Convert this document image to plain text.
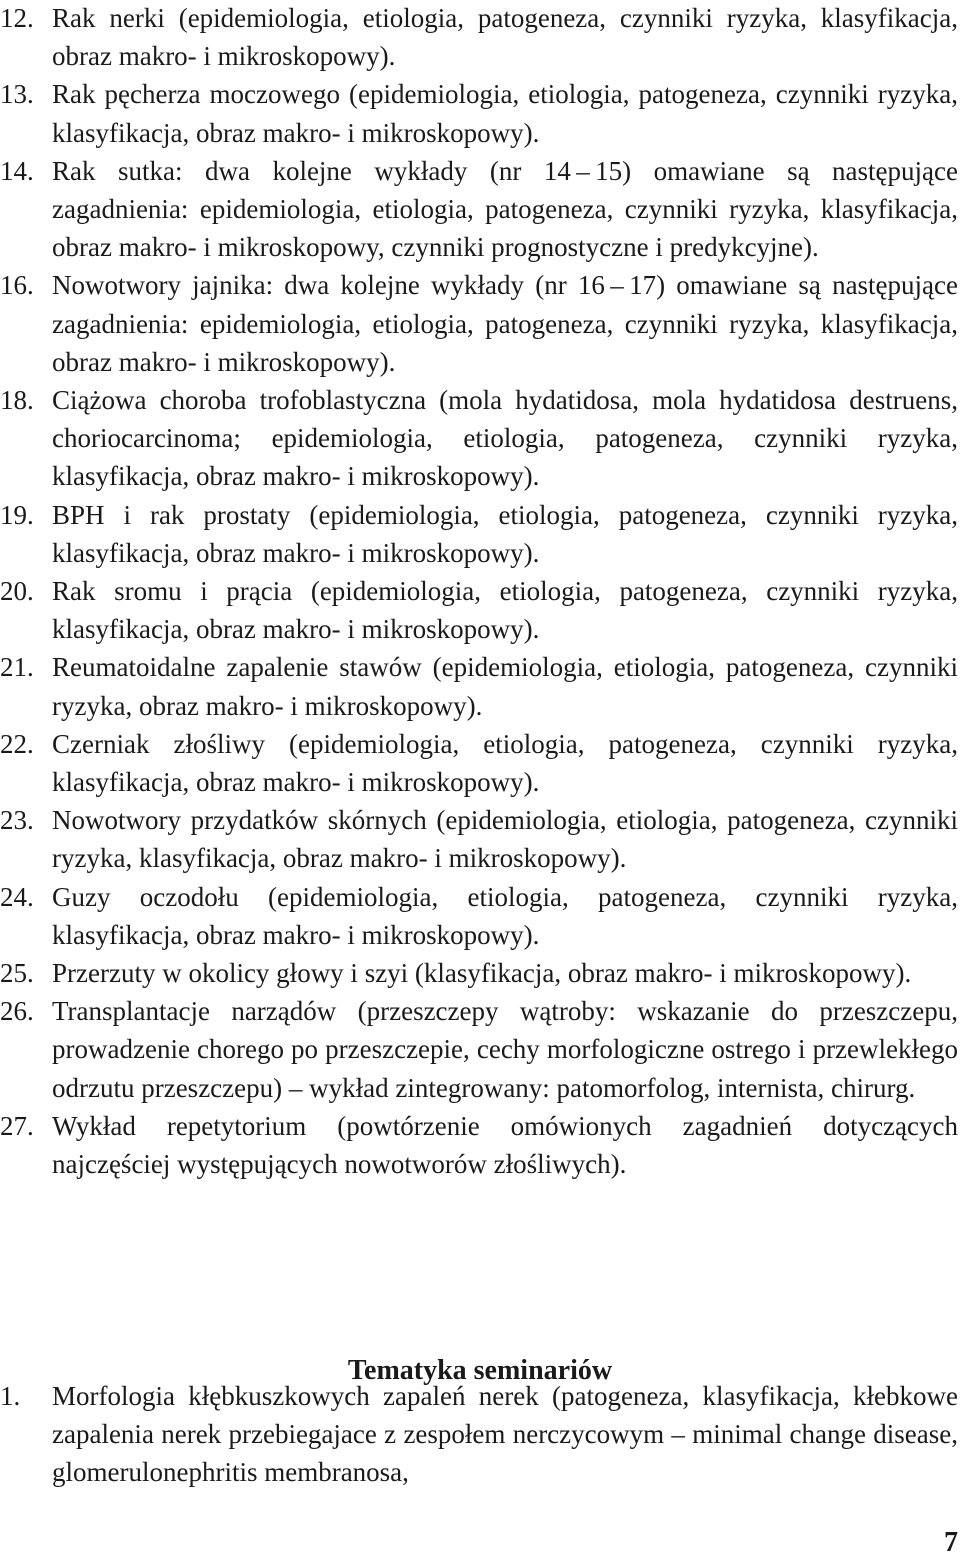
12. Rak nerki (epidemiologia, etiologia, patogeneza, czynniki ryzyka, klasyfikacja, obraz makro- i mikroskopowy).
13. Rak pęcherza moczowego (epidemiologia, etiologia, patogeneza, czynniki ryzyka, klasyfikacja, obraz makro- i mikroskopowy).
14. Rak sutka: dwa kolejne wykłady (nr 14 – 15) omawiane są następujące zagadnienia: epidemiologia, etiologia, patogeneza, czynniki ryzyka, klasyfikacja, obraz makro- i mikroskopowy, czynniki prognostyczne i predykcyjne).
16. Nowotwory jajnika: dwa kolejne wykłady (nr 16 – 17) omawiane są następujące zagadnienia: epidemiologia, etiologia, patogeneza, czynniki ryzyka, klasyfikacja, obraz makro- i mikroskopowy).
18. Ciążowa choroba trofoblastyczna (mola hydatidosa, mola hydatidosa destruens, choriocarcinoma; epidemiologia, etiologia, patogeneza, czynniki ryzyka, klasyfikacja, obraz makro- i mikroskopowy).
19. BPH i rak prostaty (epidemiologia, etiologia, patogeneza, czynniki ryzyka, klasyfikacja, obraz makro- i mikroskopowy).
20. Rak sromu i prącia (epidemiologia, etiologia, patogeneza, czynniki ryzyka, klasyfikacja, obraz makro- i mikroskopowy).
21. Reumatoidalne zapalenie stawów (epidemiologia, etiologia, patogeneza, czynniki ryzyka, obraz makro- i mikroskopowy).
22. Czerniak złośliwy (epidemiologia, etiologia, patogeneza, czynniki ryzyka, klasyfikacja, obraz makro- i mikroskopowy).
23. Nowotwory przydatków skórnych (epidemiologia, etiologia, patogeneza, czynniki ryzyka, klasyfikacja, obraz makro- i mikroskopowy).
24. Guzy oczodołu (epidemiologia, etiologia, patogeneza, czynniki ryzyka, klasyfikacja, obraz makro- i mikroskopowy).
25. Przerzuty w okolicy głowy i szyi (klasyfikacja, obraz makro- i mikroskopowy).
26. Transplantacje narządów (przeszczepy wątroby: wskazanie do przeszczepu, prowadzenie chorego po przeszczepie, cechy morfologiczne ostrego i przewlekłego odrzutu przeszczepu) – wykład zintegrowany: patomorfolog, internista, chirurg.
27. Wykład repetytorium (powtórzenie omówionych zagadnień dotyczących najczęściej występujących nowotworów złośliwych).
Tematyka seminariów
1. Morfologia kłębkuszkowych zapaleń nerek (patogeneza, klasyfikacja, kłebkowe zapalenia nerek przebiegajace z zespołem nerczycowym – minimal change disease, glomerulonephritis membranosa,
7
